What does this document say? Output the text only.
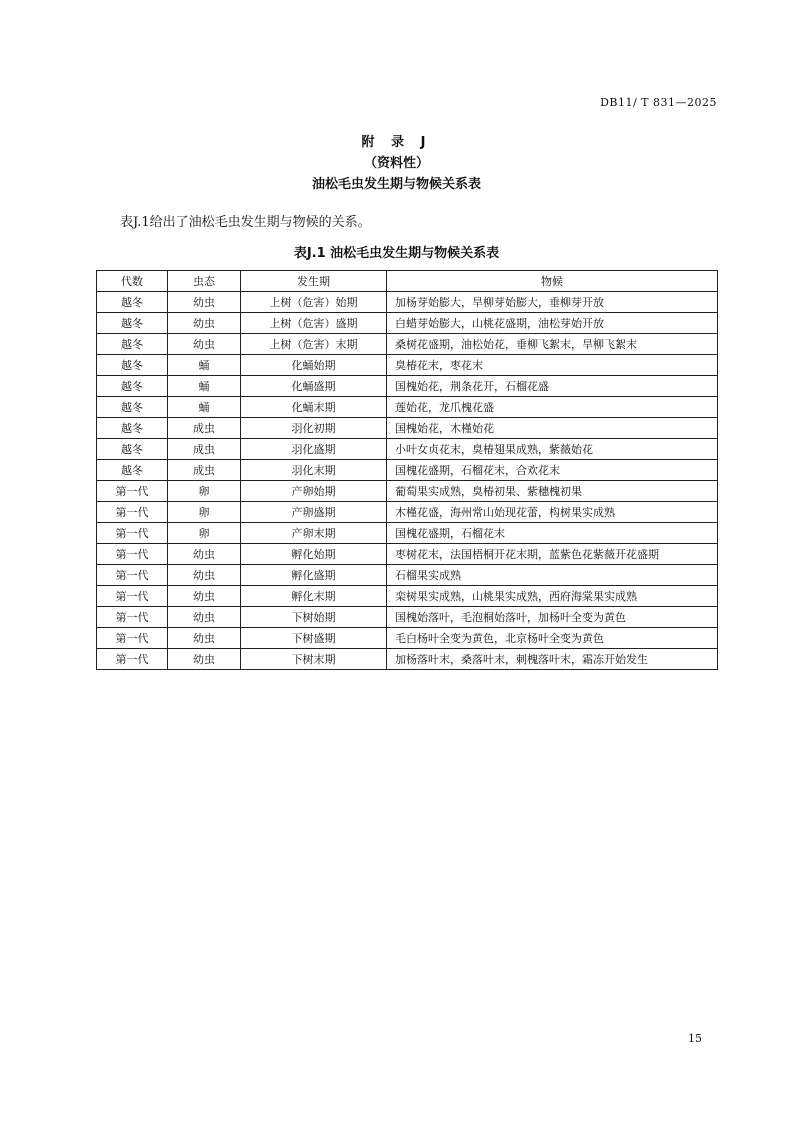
DB11/ T 831—2025
附 录 J
（资料性）
油松毛虫发生期与物候关系表
表J.1给出了油松毛虫发生期与物候的关系。
表J.1 油松毛虫发生期与物候关系表
代数	虫态	发生期	物候
越冬	幼虫	上树（危害）始期	加杨芽始膨大，旱柳芽始膨大，垂柳芽开放
越冬	幼虫	上树（危害）盛期	白蜡芽始膨大，山桃花盛期，油松芽始开放
越冬	幼虫	上树（危害）末期	桑树花盛期，油松始花，垂柳飞絮末，旱柳飞絮末
越冬	蛹	化蛹始期	臭椿花末，枣花末
越冬	蛹	化蛹盛期	国槐始花，荆条花开，石榴花盛
越冬	蛹	化蛹末期	莲始花，龙爪槐花盛
越冬	成虫	羽化初期	国槐始花，木槿始花
越冬	成虫	羽化盛期	小叶女贞花末，臭椿翅果成熟，紫薇始花
越冬	成虫	羽化末期	国槐花盛期，石榴花末，合欢花末
第一代	卵	产卵始期	葡萄果实成熟，臭椿初果、紫穗槐初果
第一代	卵	产卵盛期	木槿花盛，海州常山始现花蕾，构树果实成熟
第一代	卵	产卵末期	国槐花盛期，石榴花末
第一代	幼虫	孵化始期	枣树花末，法国梧桐开花末期，蓝紫色花紫薇开花盛期
第一代	幼虫	孵化盛期	石榴果实成熟
第一代	幼虫	孵化末期	栾树果实成熟，山桃果实成熟，西府海棠果实成熟
第一代	幼虫	下树始期	国槐始落叶，毛泡桐始落叶，加杨叶全变为黄色
第一代	幼虫	下树盛期	毛白杨叶全变为黄色，北京杨叶全变为黄色
第一代	幼虫	下树末期	加杨落叶末，桑落叶末，刺槐落叶末，霜冻开始发生
15
